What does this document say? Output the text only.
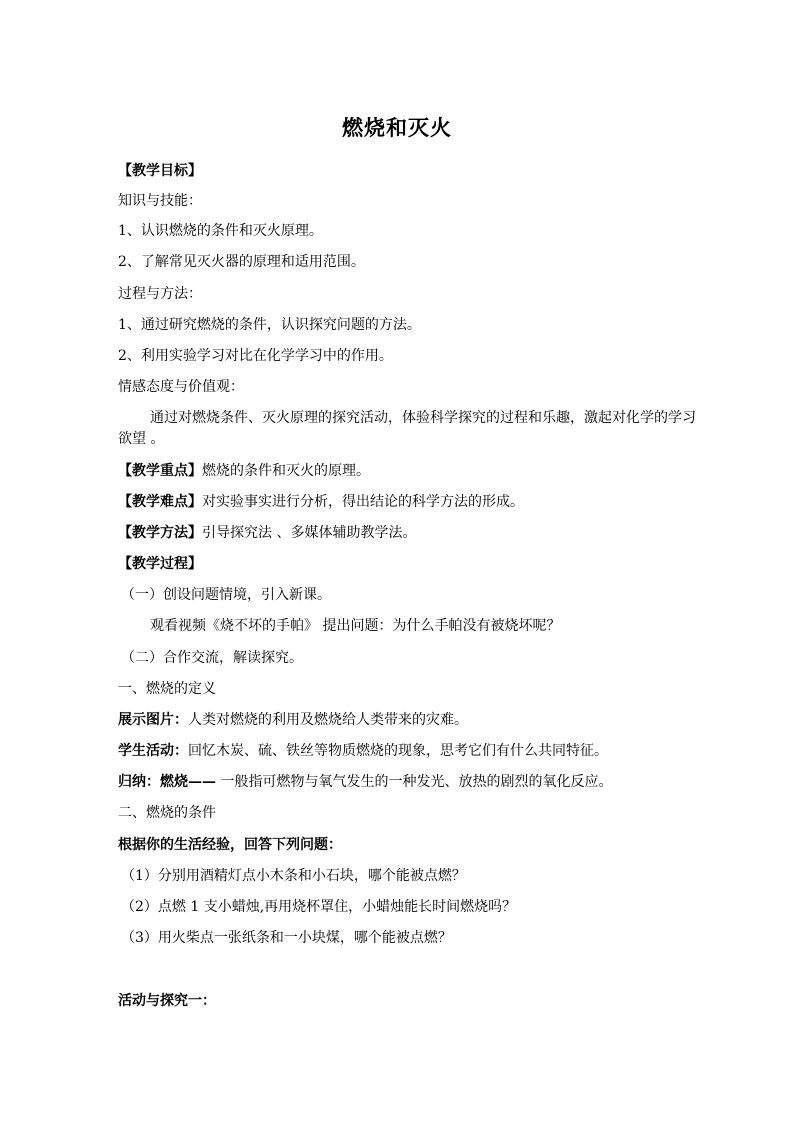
燃烧和灭火
【教学目标】
知识与技能：
1、认识燃烧的条件和灭火原理。
2、了解常见灭火器的原理和适用范围。
过程与方法：
1、通过研究燃烧的条件，认识探究问题的方法。
2、利用实验学习对比在化学学习中的作用。
情感态度与价值观：
通过对燃烧条件、灭火原理的探究活动，体验科学探究的过程和乐趣，激起对化学的学习欲望 。
【教学重点】燃烧的条件和灭火的原理。
【教学难点】对实验事实进行分析，得出结论的科学方法的形成。
【教学方法】引导探究法 、多媒体辅助教学法。
【教学过程】
（一）创设问题情境，引入新课。
观看视频《烧不坏的手帕》 提出问题：为什么手帕没有被烧坏呢？
（二）合作交流，解读探究。
一、燃烧的定义
展示图片：人类对燃烧的利用及燃烧给人类带来的灾难。
学生活动：回忆木炭、硫、铁丝等物质燃烧的现象，思考它们有什么共同特征。
归纳：燃烧—— 一般指可燃物与氧气发生的一种发光、放热的剧烈的氧化反应。
二、燃烧的条件
根据你的生活经验，回答下列问题：
（1）分别用酒精灯点小木条和小石块，哪个能被点燃？
（2）点燃 1 支小蜡烛,再用烧杯罩住，小蜡烛能长时间燃烧吗？
（3）用火柴点一张纸条和一小块煤，哪个能被点燃？
活动与探究一：
